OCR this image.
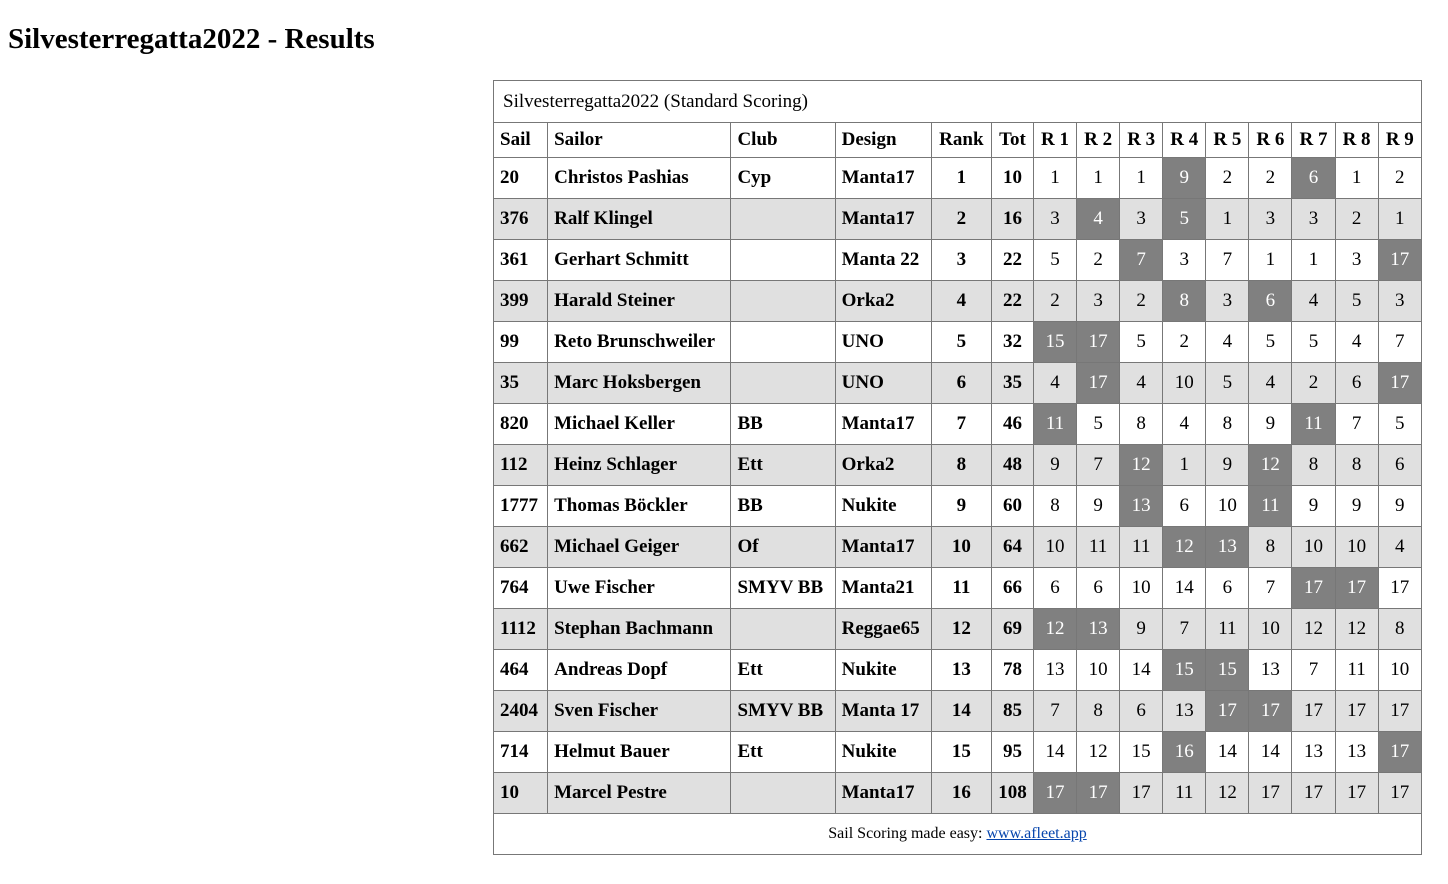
Silvesterregatta2022 - Results
Silvesterregatta2022 (Standard Scoring)														
Sail	Sailor	Club	Design	Rank	Tot	R 1	R 2	R 3	R 4	R 5	R 6	R 7	R 8	R 9
20	Christos Pashias	Cyp	Manta17	1	10	1	1	1	9	2	2	6	1	2
376	Ralf Klingel		Manta17	2	16	3	4	3	5	1	3	3	2	1
361	Gerhart Schmitt		Manta 22	3	22	5	2	7	3	7	1	1	3	17
399	Harald Steiner		Orka2	4	22	2	3	2	8	3	6	4	5	3
99	Reto Brunschweiler		UNO	5	32	15	17	5	2	4	5	5	4	7
35	Marc Hoksbergen		UNO	6	35	4	17	4	10	5	4	2	6	17
820	Michael Keller	BB	Manta17	7	46	11	5	8	4	8	9	11	7	5
112	Heinz Schlager	Ett	Orka2	8	48	9	7	12	1	9	12	8	8	6
1777	Thomas Böckler	BB	Nukite	9	60	8	9	13	6	10	11	9	9	9
662	Michael Geiger	Of	Manta17	10	64	10	11	11	12	13	8	10	10	4
764	Uwe Fischer	SMYV BB	Manta21	11	66	6	6	10	14	6	7	17	17	17
1112	Stephan Bachmann		Reggae65	12	69	12	13	9	7	11	10	12	12	8
464	Andreas Dopf	Ett	Nukite	13	78	13	10	14	15	15	13	7	11	10
2404	Sven Fischer	SMYV BB	Manta 17	14	85	7	8	6	13	17	17	17	17	17
714	Helmut Bauer	Ett	Nukite	15	95	14	12	15	16	14	14	13	13	17
10	Marcel Pestre		Manta17	16	108	17	17	17	11	12	17	17	17	17
Sail Scoring made easy: www.afleet.app														
